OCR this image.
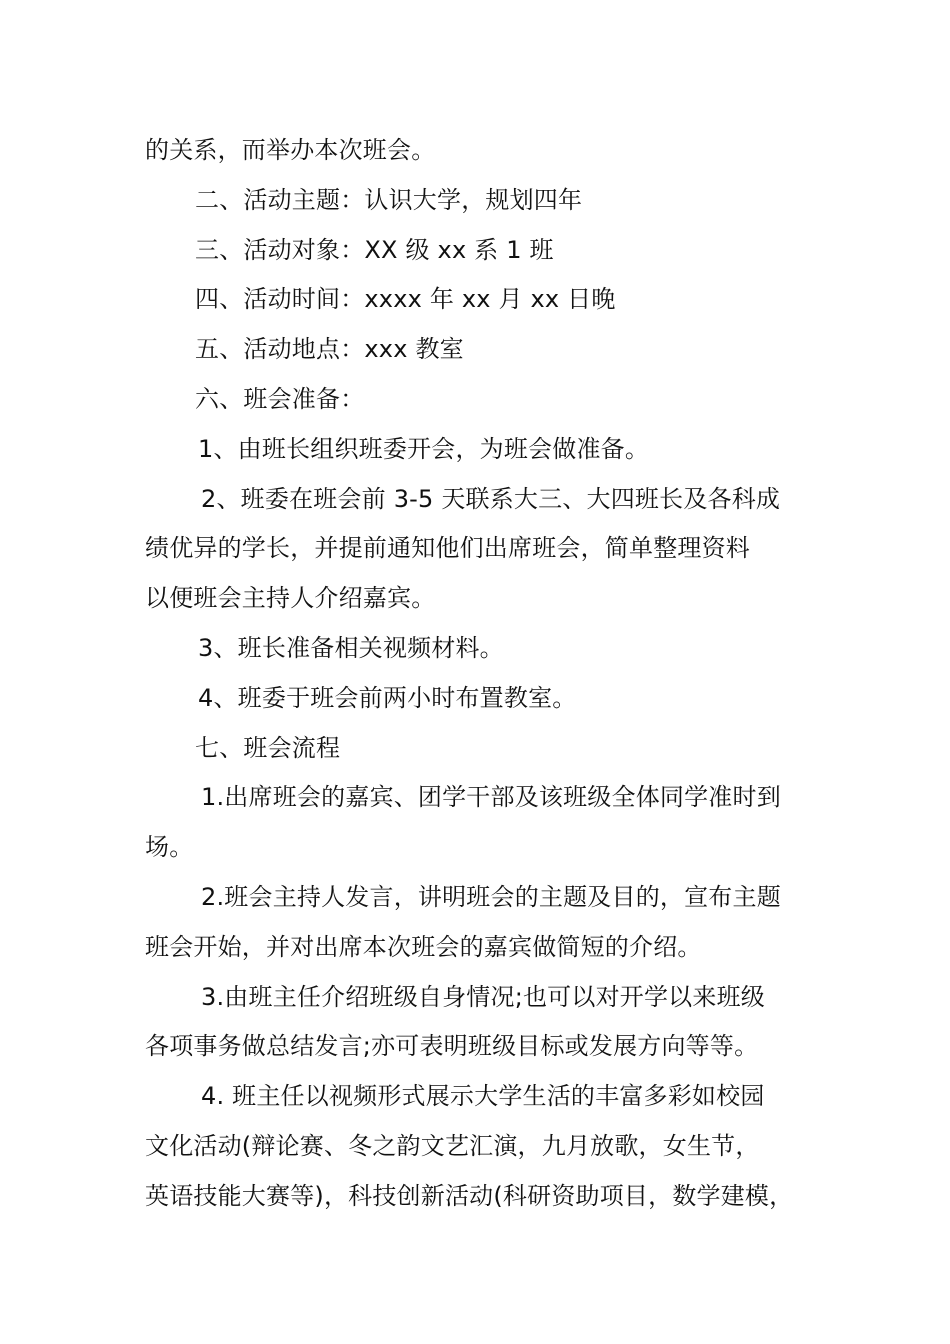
的关系，而举办本次班会。
二、活动主题：认识大学，规划四年
三、活动对象：XX 级 xx 系 1 班
四、活动时间：xxxx 年 xx 月 xx 日晚
五、活动地点：xxx 教室
六、班会准备：
1、由班长组织班委开会，为班会做准备。
2、班委在班会前 3-5 天联系大三、大四班长及各科成
绩优异的学长，并提前通知他们出席班会，简单整理资料
以便班会主持人介绍嘉宾。
3、班长准备相关视频材料。
4、班委于班会前两小时布置教室。
七、班会流程
1.出席班会的嘉宾、团学干部及该班级全体同学准时到
场。
2.班会主持人发言，讲明班会的主题及目的，宣布主题
班会开始，并对出席本次班会的嘉宾做简短的介绍。
3.由班主任介绍班级自身情况;也可以对开学以来班级
各项事务做总结发言;亦可表明班级目标或发展方向等等。
4. 班主任以视频形式展示大学生活的丰富多彩如校园
文化活动(辩论赛、冬之韵文艺汇演，九月放歌，女生节，
英语技能大赛等)，科技创新活动(科研资助项目，数学建模，
